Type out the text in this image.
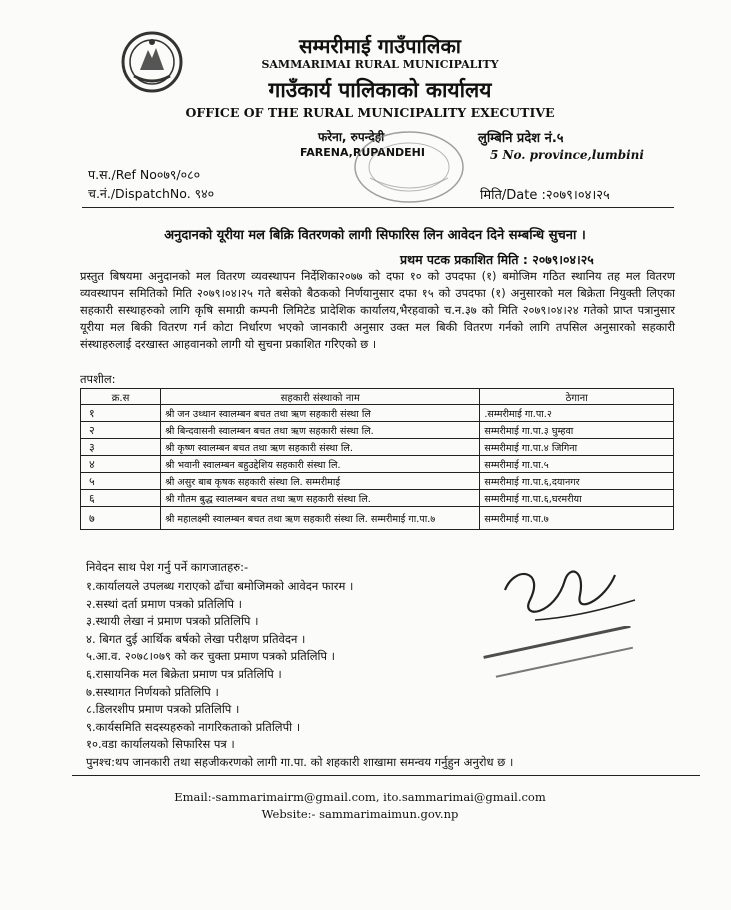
सम्मरीमाई गाउँपालिका
SAMMARIMAI RURAL MUNICIPALITY
गाउँकार्य पालिकाको कार्यालय
OFFICE OF THE RURAL MUNICIPALITY EXECUTIVE
फरेना, रुपन्देही
FARENA,RUPANDEHI
लुम्बिनि प्रदेश नं.५
5 No. province,lumbini
प.स./Ref No०७९/०८०
च.नं./DispatchNo. ९४०	मिति/Date :२०७९।०४।२५
अनुदानको यूरीया मल बिक्रि वितरणको लागी सिफारिस लिन आवेदन दिने सम्बन्धि सुचना ।
प्रथम पटक प्रकाशित मिति : २०७९।०४।२५
प्रस्तुत बिषयमा अनुदानको मल वितरण व्यवस्थापन निर्देशिका२०७७ को दफा १० को उपदफा (१) बमोजिम गठित स्थानिय तह मल वितरण व्यवस्थापन समितिको मिति २०७९।०४।२५ गते बसेको बैठकको निर्णयानुसार दफा १५ को उपदफा (१) अनुसारको मल बिक्रेता नियुक्ती लिएका सहकारी सस्थाहरुको लागि कृषि समाग्री कम्पनी लिमिटेड प्रादेशिक कार्यालय,भैरहवाको च.न.३७ को मिति २०७९।०४।२४ गतेको प्राप्त पत्रानुसार यूरीया मल बिकी वितरण गर्न कोटा निर्धारण भएको जानकारी अनुसार उक्त मल बिकी वितरण गर्नको लागि तपसिल अनुसारको सहकारी संस्थाहरुलाई दरखास्त आहवानको लागी यो सुचना प्रकाशित गरिएको छ ।
तपशील:
क्र.स	सहकारी संस्थाको नाम	ठेगाना
१	श्री जन उथ्थान स्वालम्बन बचत तथा ऋण सहकारी संस्था लि	.सम्मरीमाई गा.पा.२
२	श्री बिन्दवासनी स्वालम्बन बचत तथा ऋण सहकारी संस्था लि.	सम्मरीमाई गा.पा.३ घुम्हवा
३	श्री कृष्ण स्वालम्बन बचत तथा ऋण सहकारी संस्था लि.	सम्मरीमाई गा.पा.४ जिगिना
४	श्री भवानी स्वालम्बन बहुउद्देशिय सहकारी संस्था लि.	सम्मरीमाई गा.पा.५
५	श्री असुर बाब कृषक सहकारी संस्था लि. सम्मरीमाई	सम्मरीमाई गा.पा.६,दयानगर
६	श्री गौतम बुद्ध स्वालम्बन बचत तथा ऋण सहकारी संस्था लि.	सम्मरीमाई गा.पा.६,घरमरीया
७	श्री महालक्ष्मी स्वालम्बन बचत तथा ऋण सहकारी संस्था लि. सम्मरीमाई गा.पा.७	सम्मरीमाई गा.पा.७
निवेदन साथ पेश गर्नु पर्ने कागजातहरु:-
१.कार्यालयले उपलब्ध गराएको ढाँचा बमोजिमको आवेदन फारम ।
२.सस्थां दर्ता प्रमाण पत्रको प्रतिलिपि ।
३.स्थायी लेखा नं प्रमाण पत्रको प्रतिलिपि ।
४. बिगत दुई आर्थिक बर्षको लेखा परीक्षण प्रतिवेदन ।
५.आ.व. २०७८।०७९ को कर चुक्ता प्रमाण पत्रको प्रतिलिपि ।
६.रासायनिक मल बिक्रेता प्रमाण पत्र प्रतिलिपि ।
७.सस्थागत निर्णयको प्रतिलिपि ।
८.डिलरशीप प्रमाण पत्रको प्रतिलिपि ।
९.कार्यसमिति सदस्यहरुको नागरिकताको प्रतिलिपी ।
१०.वडा कार्यालयको सिफारिस पत्र ।
पुनश्च:थप जानकारी तथा सहजीकरणको लागी गा.पा. को शहकारी शाखामा समन्वय गर्नुहुन अनुरोध छ ।
Email:-sammarimairm@gmail.com, ito.sammarimai@gmail.com
Website:- sammarimaimun.gov.np
